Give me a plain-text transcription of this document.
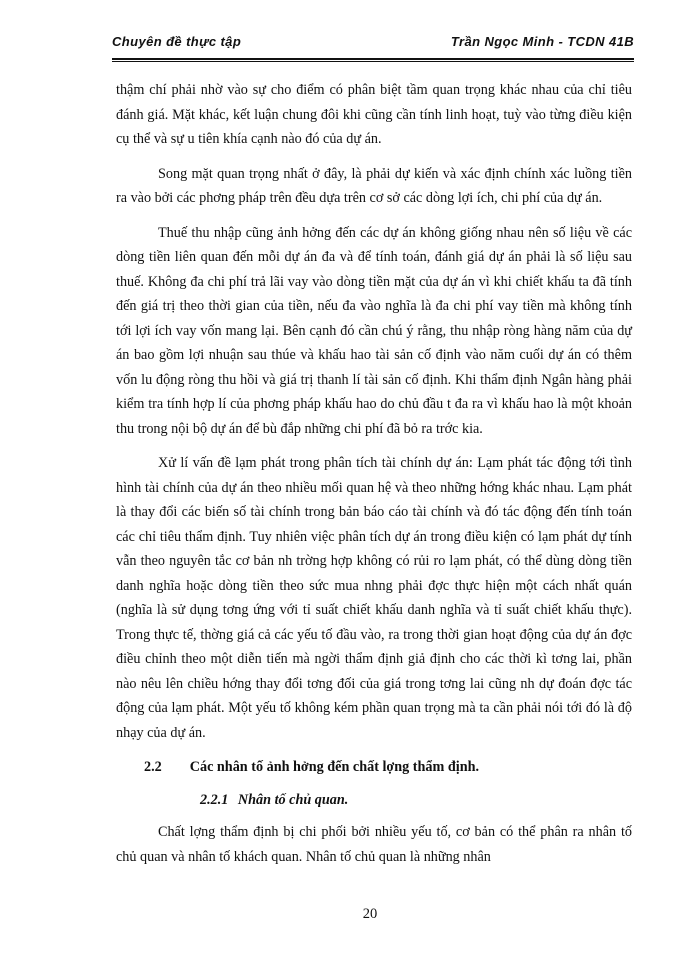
Chuyên đề thực tập	Trần Ngọc Minh - TCDN 41B

thậm chí phải nhờ vào sự cho điểm có phân biệt tầm quan trọng khác nhau của chỉ tiêu đánh giá. Mặt khác, kết luận chung đôi khi cũng cần tính linh hoạt, tuỳ vào từng điều kiện cụ thể và sự u tiên khía cạnh nào đó của dự án.

Song mặt quan trọng nhất ở đây, là phải dự kiến và xác định chính xác luồng tiền ra vào bởi các phơng pháp trên đều dựa trên cơ sở các dòng lợi ích, chi phí của dự án.

Thuế thu nhập cũng ảnh hởng đến các dự án không giống nhau nên số liệu về các dòng tiền liên quan đến mỗi dự án đa và để tính toán, đánh giá dự án phải là số liệu sau thuế. Không đa chi phí trả lãi vay vào dòng tiền mặt của dự án vì khi chiết khấu ta đã tính đến giá trị theo thời gian của tiền, nếu đa vào nghĩa là đa chi phí vay tiền mà không tính tới lợi ích vay vốn mang lại. Bên cạnh đó cần chú ý rằng, thu nhập ròng hàng năm của dự án bao gồm lợi nhuận sau thúe và khấu hao tài sản cố định vào năm cuối dự án có thêm vốn lu động ròng thu hồi và giá trị thanh lí tài sản cố định. Khi thẩm định Ngân hàng phải kiểm tra tính hợp lí của phơng pháp khấu hao do chủ đầu t đa ra vì khấu hao là một khoản thu trong nội bộ dự án để bù đắp những chi phí đã bỏ ra trớc kia.

Xử lí vấn đề lạm phát trong phân tích tài chính dự án: Lạm phát tác động tới tình hình tài chính của dự án theo nhiều mối quan hệ và theo những hớng khác nhau. Lạm phát là thay đổi các biến số tài chính trong bản báo cáo tài chính và đó tác động đến tính toán các chỉ tiêu thẩm định. Tuy nhiên việc phân tích dự án trong điều kiện có lạm phát dự tính vẫn theo nguyên tắc cơ bản nh trờng hợp không có rủi ro lạm phát, có thể dùng dòng tiền danh nghĩa hoặc dòng tiền theo sức mua nhng phải đợc thực hiện một cách nhất quán (nghĩa là sử dụng tơng ứng với tỉ suất chiết khấu danh nghĩa và tỉ suất chiết khấu thực). Trong thực tế, thờng giá cả các yếu tố đầu vào, ra trong thời gian hoạt động của dự án đợc điều chỉnh theo một diễn tiến mà ngời thẩm định giả định cho các thời kì tơng lai, phần nào nêu lên chiều hớng thay đổi tơng đối của giá trong tơng lai cũng nh dự đoán đợc tác động của lạm phát. Một yếu tố không kém phần quan trọng mà ta cần phải nói tới đó là độ nhạy của dự án.

2.2 Các nhân tố ảnh hởng đến chất lợng thẩm định.
2.2.1 Nhân tố chủ quan.

Chất lợng thẩm định bị chi phối bởi nhiều yếu tố, cơ bản có thể phân ra nhân tố chủ quan và nhân tố khách quan. Nhân tố chủ quan là những nhân

20
